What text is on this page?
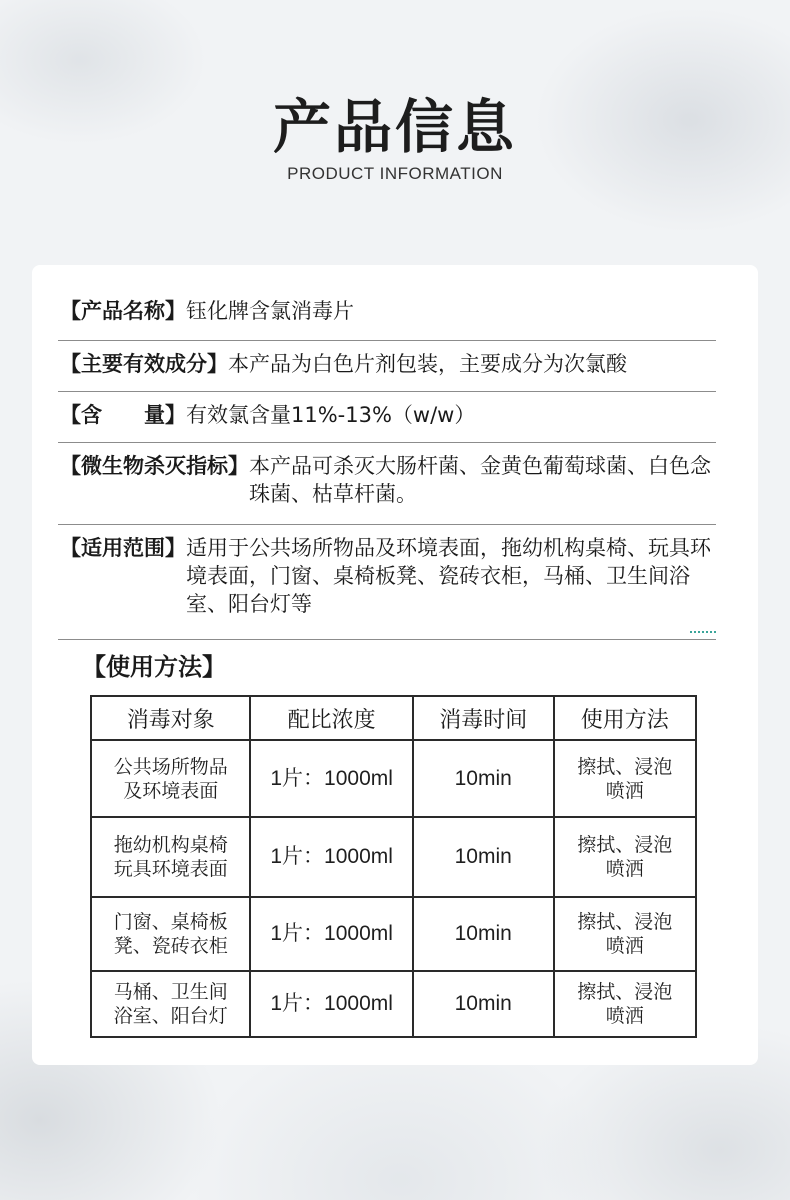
产品信息
PRODUCT INFORMATION
【产品名称】 钰化牌含氯消毒片
【主要有效成分】 本产品为白色片剂包装，主要成分为次氯酸
【含　　量】 有效氯含量11%-13%（w/w）
【微生物杀灭指标】 本产品可杀灭大肠杆菌、金黄色葡萄球菌、白色念珠菌、枯草杆菌。
【适用范围】 适用于公共场所物品及环境表面，拖幼机构桌椅、玩具环境表面，门窗、桌椅板凳、瓷砖衣柜，马桶、卫生间浴室、阳台灯等
【使用方法】
消毒对象	配比浓度	消毒时间	使用方法

公共场所物品
及环境表面	1片：1000ml	10min	擦拭、浸泡
喷洒

拖幼机构桌椅
玩具环境表面	1片：1000ml	10min	擦拭、浸泡
喷洒

门窗、桌椅板
凳、瓷砖衣柜	1片：1000ml	10min	擦拭、浸泡
喷洒

马桶、卫生间
浴室、阳台灯	1片：1000ml	10min	擦拭、浸泡
喷洒
